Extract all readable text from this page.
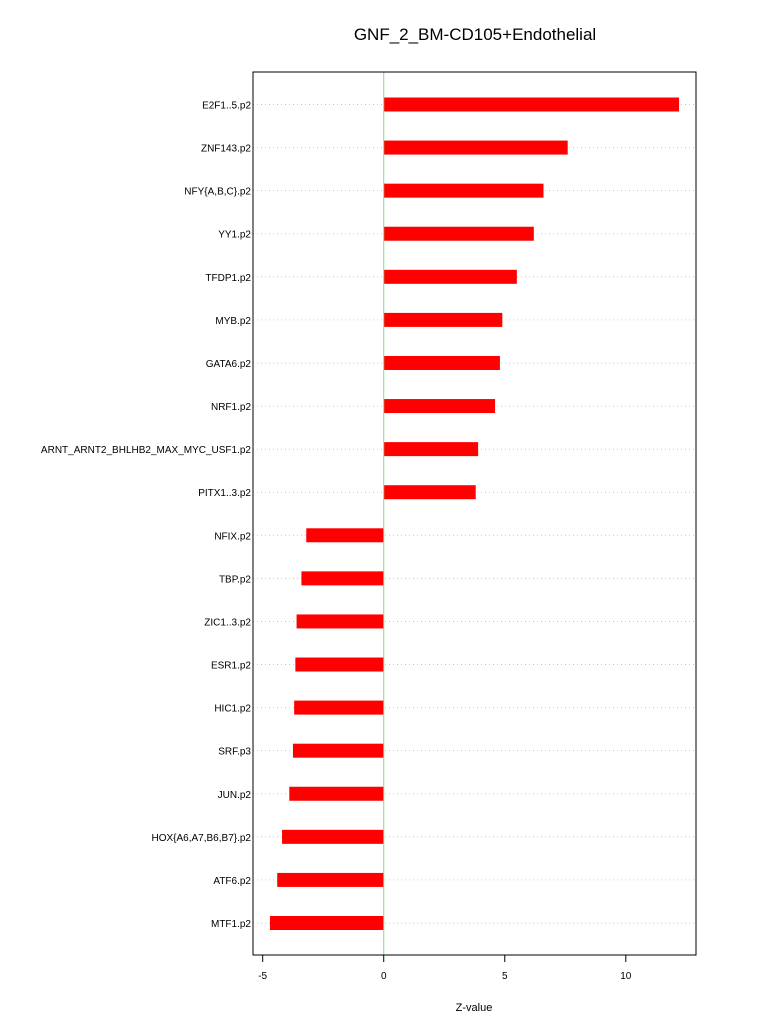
GNF_2_BM-CD105+Endothelial
E2F1..5.p2
ZNF143.p2
NFY{A,B,C}.p2
YY1.p2
TFDP1.p2
MYB.p2
GATA6.p2
NRF1.p2
ARNT_ARNT2_BHLHB2_MAX_MYC_USF1.p2
PITX1..3.p2
NFIX.p2
TBP.p2
ZIC1..3.p2
ESR1.p2
HIC1.p2
SRF.p3
JUN.p2
HOX{A6,A7,B6,B7}.p2
ATF6.p2
MTF1.p2
-5	0	5	10
Z-value
